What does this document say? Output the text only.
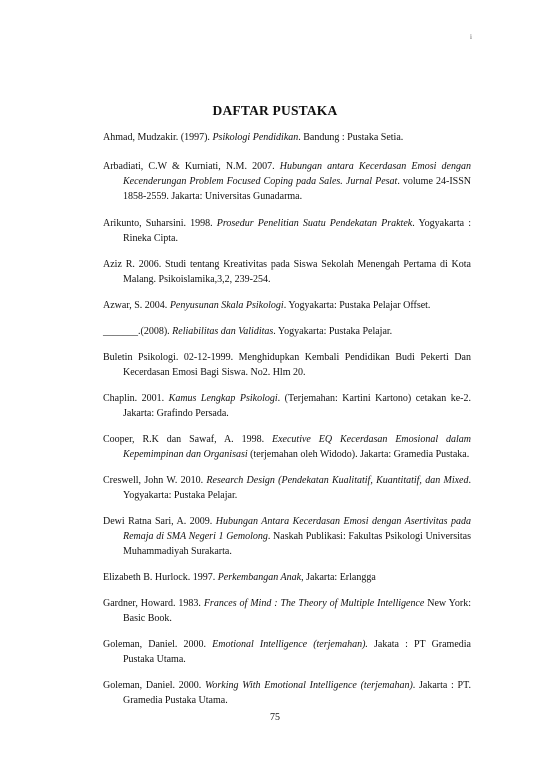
i
DAFTAR PUSTAKA

Ahmad, Mudzakir. (1997). Psikologi Pendidikan. Bandung : Pustaka Setia.

Arbadiati, C.W & Kurniati, N.M. 2007. Hubungan antara Kecerdasan Emosi dengan Kecenderungan Problem Focused Coping pada Sales. Jurnal Pesat. volume 24-ISSN 1858-2559. Jakarta: Universitas Gunadarma.

Arikunto, Suharsini. 1998. Prosedur Penelitian Suatu Pendekatan Praktek. Yogyakarta : Rineka Cipta.

Aziz R. 2006. Studi tentang Kreativitas pada Siswa Sekolah Menengah Pertama di Kota Malang. Psikoislamika,3,2, 239-254.

Azwar, S. 2004. Penyusunan Skala Psikologi. Yogyakarta: Pustaka Pelajar Offset.

_______.(2008). Reliabilitas dan Validitas. Yogyakarta: Pustaka Pelajar.

Buletin Psikologi. 02-12-1999. Menghidupkan Kembali Pendidikan Budi Pekerti Dan Kecerdasan Emosi Bagi Siswa. No2. Hlm 20.

Chaplin. 2001. Kamus Lengkap Psikologi. (Terjemahan: Kartini Kartono) cetakan ke-2. Jakarta: Grafindo Persada.

Cooper, R.K dan Sawaf, A. 1998. Executive EQ Kecerdasan Emosional dalam Kepemimpinan dan Organisasi (terjemahan oleh Widodo). Jakarta: Gramedia Pustaka.

Creswell, John W. 2010. Research Design (Pendekatan Kualitatif, Kuantitatif, dan Mixed. Yogyakarta: Pustaka Pelajar.

Dewi Ratna Sari, A. 2009. Hubungan Antara Kecerdasan Emosi dengan Asertivitas pada Remaja di SMA Negeri 1 Gemolong. Naskah Publikasi: Fakultas Psikologi Universitas Muhammadiyah Surakarta.

Elizabeth B. Hurlock. 1997. Perkembangan Anak, Jakarta: Erlangga

Gardner, Howard. 1983. Frances of Mind : The Theory of Multiple Intelligence New York: Basic Book.

Goleman, Daniel. 2000. Emotional Intelligence (terjemahan). Jakata : PT Gramedia Pustaka Utama.

Goleman, Daniel. 2000. Working With Emotional Intelligence (terjemahan). Jakarta : PT. Gramedia Pustaka Utama.

75
